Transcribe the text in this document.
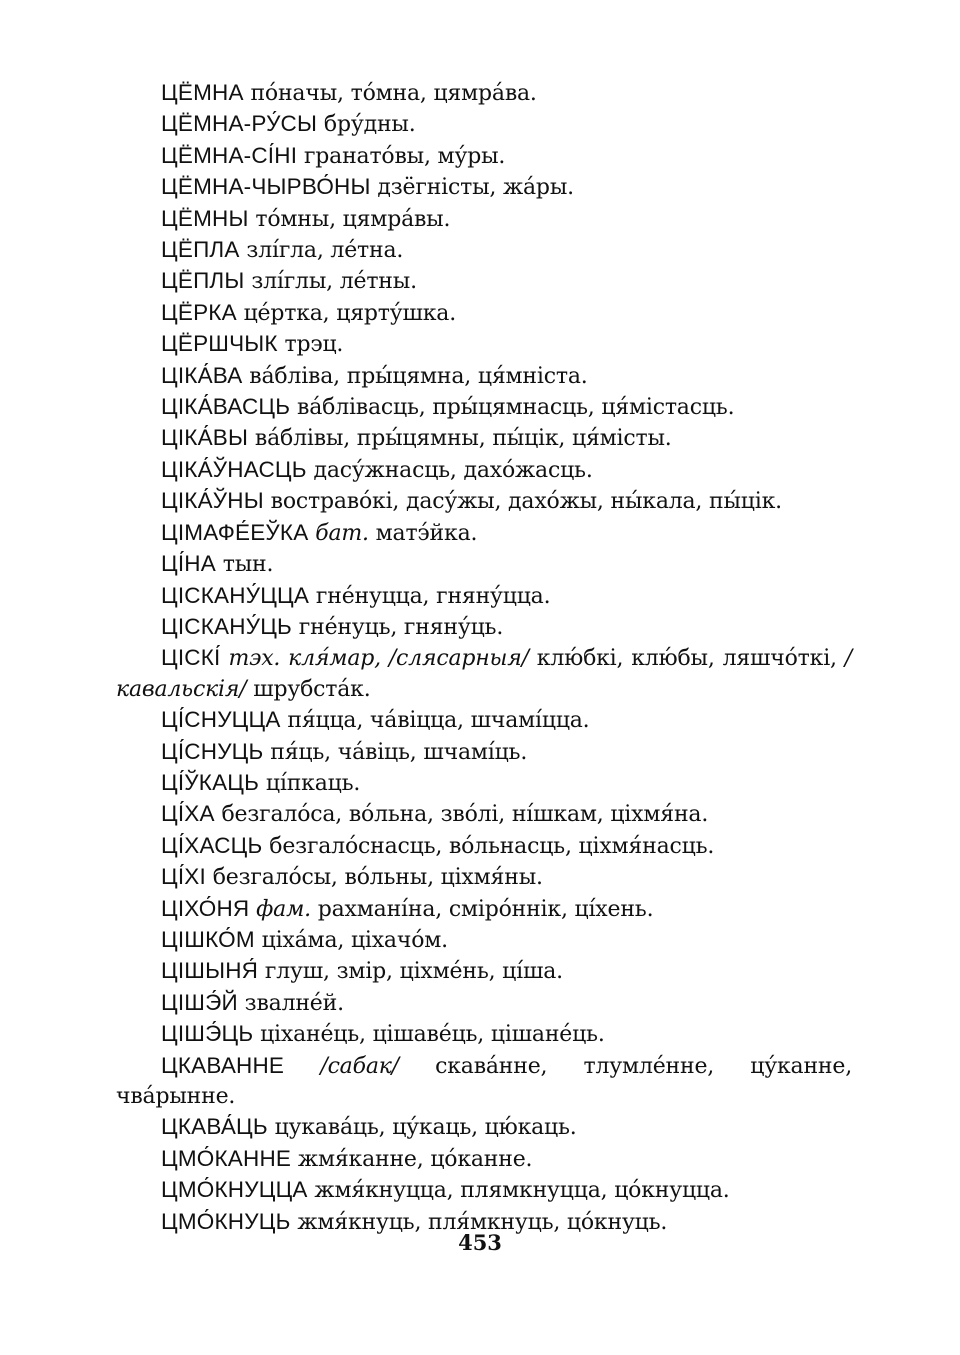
ЦЁМНА по́начы, то́мна, цямра́ва.
ЦЁМНА-РУ́СЫ бру́дны.
ЦЁМНА-СІ́НІ гранато́вы, му́ры.
ЦЁМНА-ЧЫРВО́НЫ дзёгністы, жа́ры.
ЦЁМНЫ то́мны, цямра́вы.
ЦЁПЛА злі́гла, ле́тна.
ЦЁПЛЫ злі́глы, ле́тны.
ЦЁРКА це́ртка, цярту́шка.
ЦЁРШЧЫК трэц.
ЦІКА́ВА ва́бліва, пры́цямна, ця́мніста.
ЦІКА́ВАСЦЬ ва́блівасць, пры́цямнасць, ця́містасць.
ЦІКА́ВЫ ва́блівы, пры́цямны, пы́цік, ця́місты.
ЦІКА́ЎНАСЦЬ дасу́жнасць, дахо́жасць.
ЦІКА́ЎНЫ востраво́кі, дасу́жы, дахо́жы, ны́кала, пы́цік.
ЦІМАФЕ́ЕЎКА бат. матэ́йка.
ЦІ́НА тын.
ЦІСКАНУ́ЦЦА гне́нуцца, гняну́цца.
ЦІСКАНУ́ЦЬ гне́нуць, гняну́ць.
ЦІСКІ́ тэх. кля́мар, /слясарныя/ клю́бкі, клю́бы, ляшчо́ткі, /кавальскія/ шрубста́к.
ЦІ́СНУЦЦА пя́цца, ча́віцца, шчамі́цца.
ЦІ́СНУЦЬ пя́ць, ча́віць, шчамі́ць.
ЦІ́ЎКАЦЬ ці́пкаць.
ЦІ́ХА безгало́са, во́льна, зво́лі, ні́шкам, ціхмя́на.
ЦІ́ХАСЦЬ безгало́снасць, во́льнасць, ціхмя́насць.
ЦІ́ХІ безгало́сы, во́льны, ціхмя́ны.
ЦІХО́НЯ фам. рахмані́на, сміро́ннік, ці́хень.
ЦІШКО́М ціха́ма, ціхачо́м.
ЦІШЫНЯ́ глуш, змір, ціхме́нь, ці́ша.
ЦІШЭ́Й звалне́й.
ЦІШЭ́ЦЬ ціхане́ць, цішаве́ць, цішане́ць.
ЦКАВАННЕ /сабак/ скава́нне, тлумле́нне, цу́канне, чва́рынне.
ЦКАВА́ЦЬ цукава́ць, цу́каць, цю́каць.
ЦМО́КАННЕ жмя́канне, цо́канне.
ЦМО́КНУЦЦА жмя́кнуцца, плямкнуцца, цо́кнуцца.
ЦМО́КНУЦЬ жмя́кнуць, пля́мкнуць, цо́кнуць.
453
